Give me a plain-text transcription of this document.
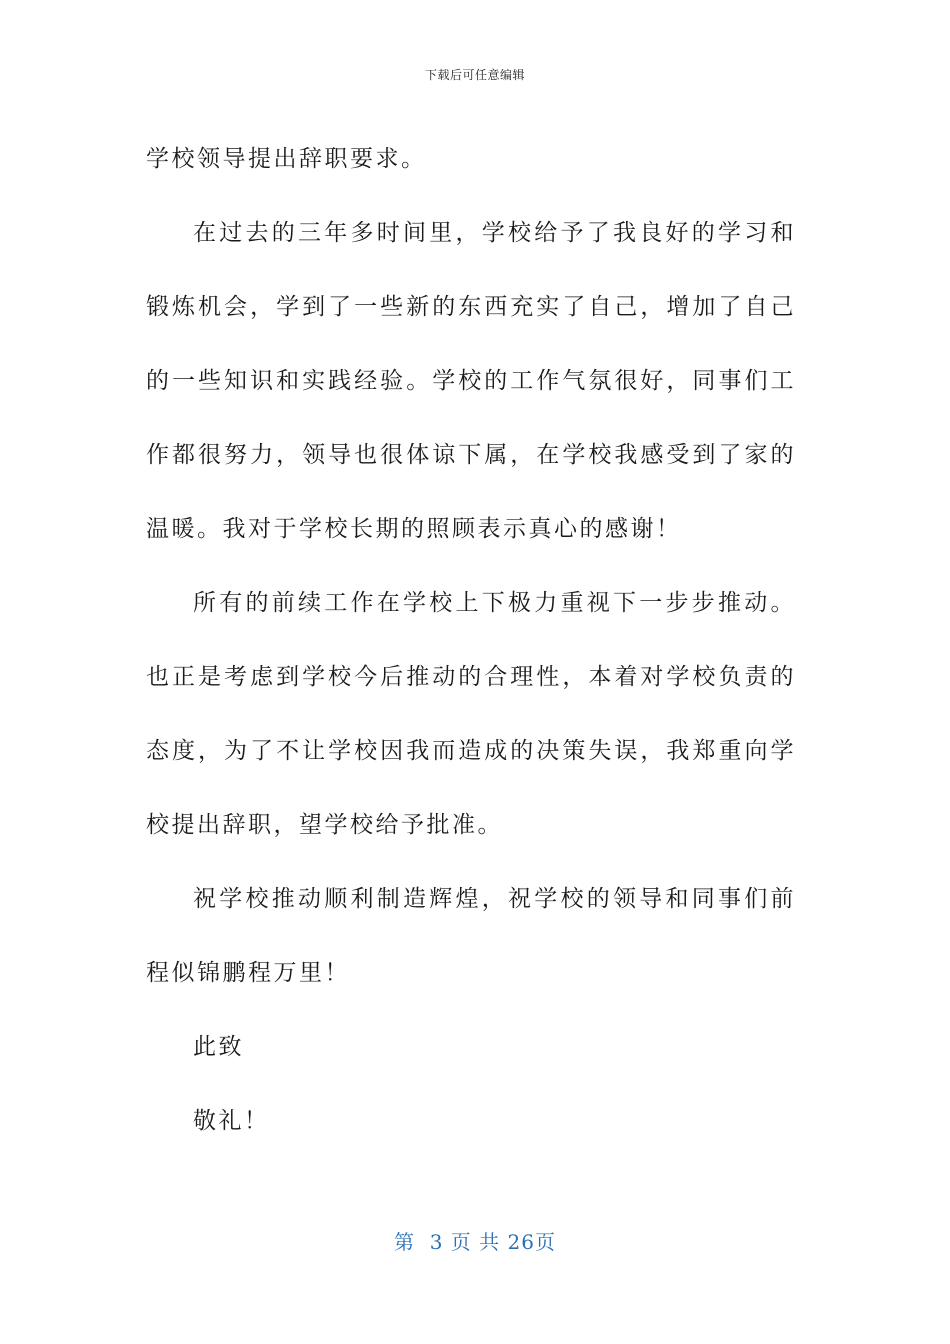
下载后可任意编辑

学校领导提出辞职要求。

在过去的三年多时间里，学校给予了我良好的学习和锻炼机会，学到了一些新的东西充实了自己，增加了自己的一些知识和实践经验。学校的工作气氛很好，同事们工作都很努力，领导也很体谅下属，在学校我感受到了家的温暖。我对于学校长期的照顾表示真心的感谢！

所有的前续工作在学校上下极力重视下一步步推动。也正是考虑到学校今后推动的合理性，本着对学校负责的态度，为了不让学校因我而造成的决策失误，我郑重向学校提出辞职，望学校给予批准。

祝学校推动顺利制造辉煌，祝学校的领导和同事们前程似锦鹏程万里！

此致

敬礼！

第  3 页 共 26页
